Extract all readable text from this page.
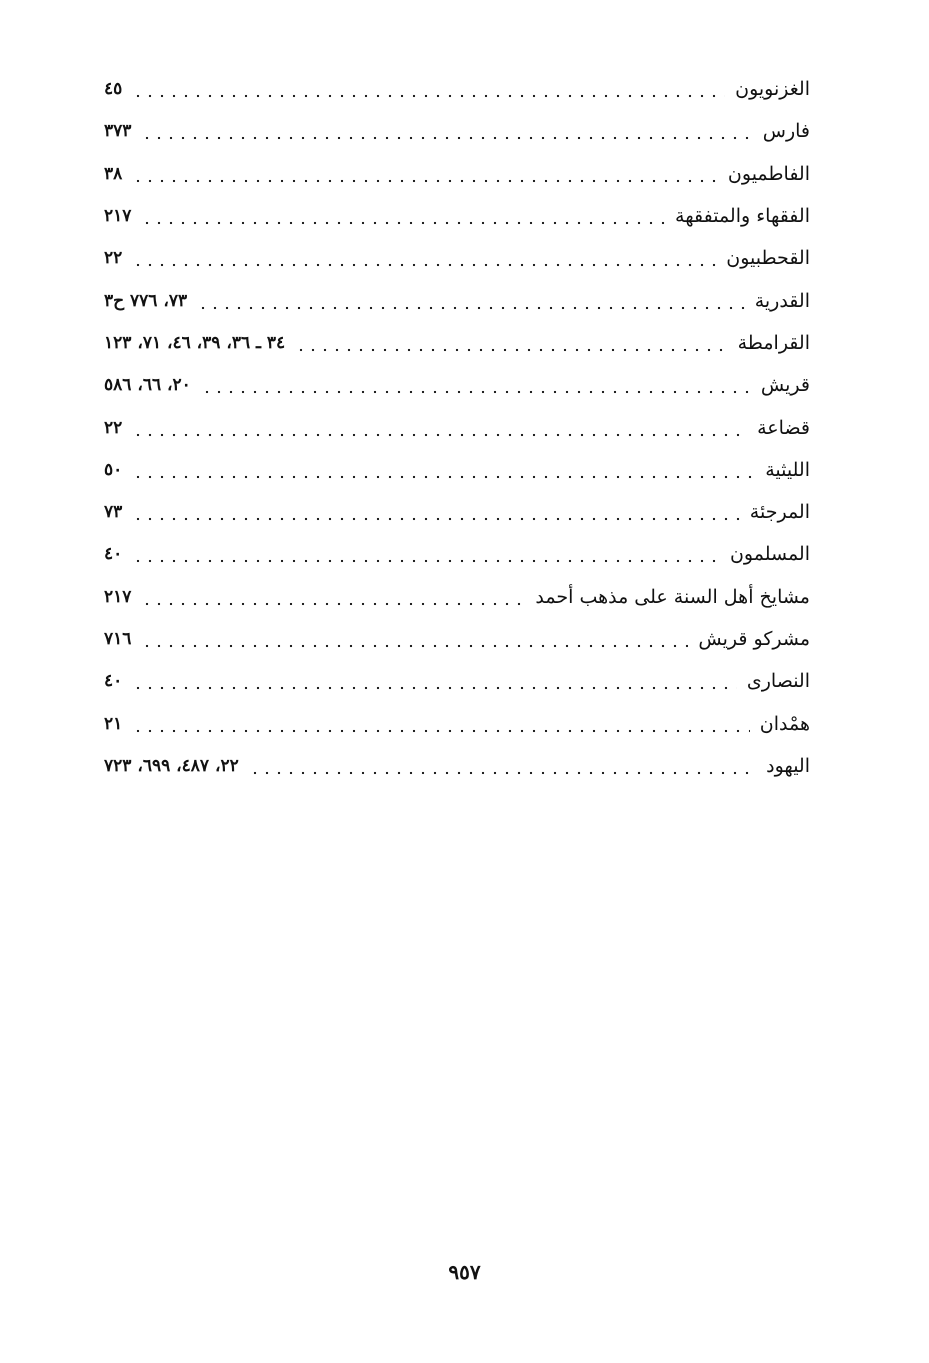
الغزنويون
٤٥
فارس
٣٧٣
الفاطميون
٣٨
الفقهاء والمتفقهة
٢١٧
القحطبيون
٢٢
القدرية
٧٣، ٧٧٦ ح٣
القرامطة
٣٤ ـ ٣٦، ٣٩، ٤٦، ٧١، ١٢٣
قريش
٢٠، ٦٦، ٥٨٦
قضاعة
٢٢
الليثية
٥٠
المرجئة
٧٣
المسلمون
٤٠
مشايخ أهل السنة على مذهب أحمد
٢١٧
مشركو قريش
٧١٦
النصارى
٤٠
همْدان
٢١
اليهود
٢٢، ٤٨٧، ٦٩٩، ٧٢٣
٩٥٧
